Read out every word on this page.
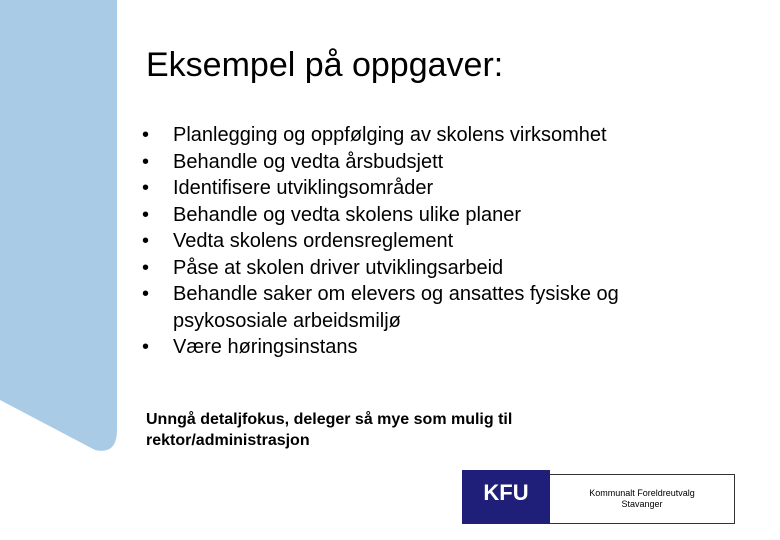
Eksempel på oppgaver:
• Planlegging og oppfølging av skolens virksomhet
• Behandle og vedta årsbudsjett
• Identifisere utviklingsområder
• Behandle og vedta skolens ulike planer
• Vedta skolens ordensreglement
• Påse at skolen driver utviklingsarbeid
• Behandle saker om elevers og ansattes fysiske og psykososiale arbeidsmiljø
• Være høringsinstans

Unngå detaljfokus, deleger så mye som mulig til rektor/administrasjon

KFU	Kommunalt Foreldreutvalg
Stavanger
